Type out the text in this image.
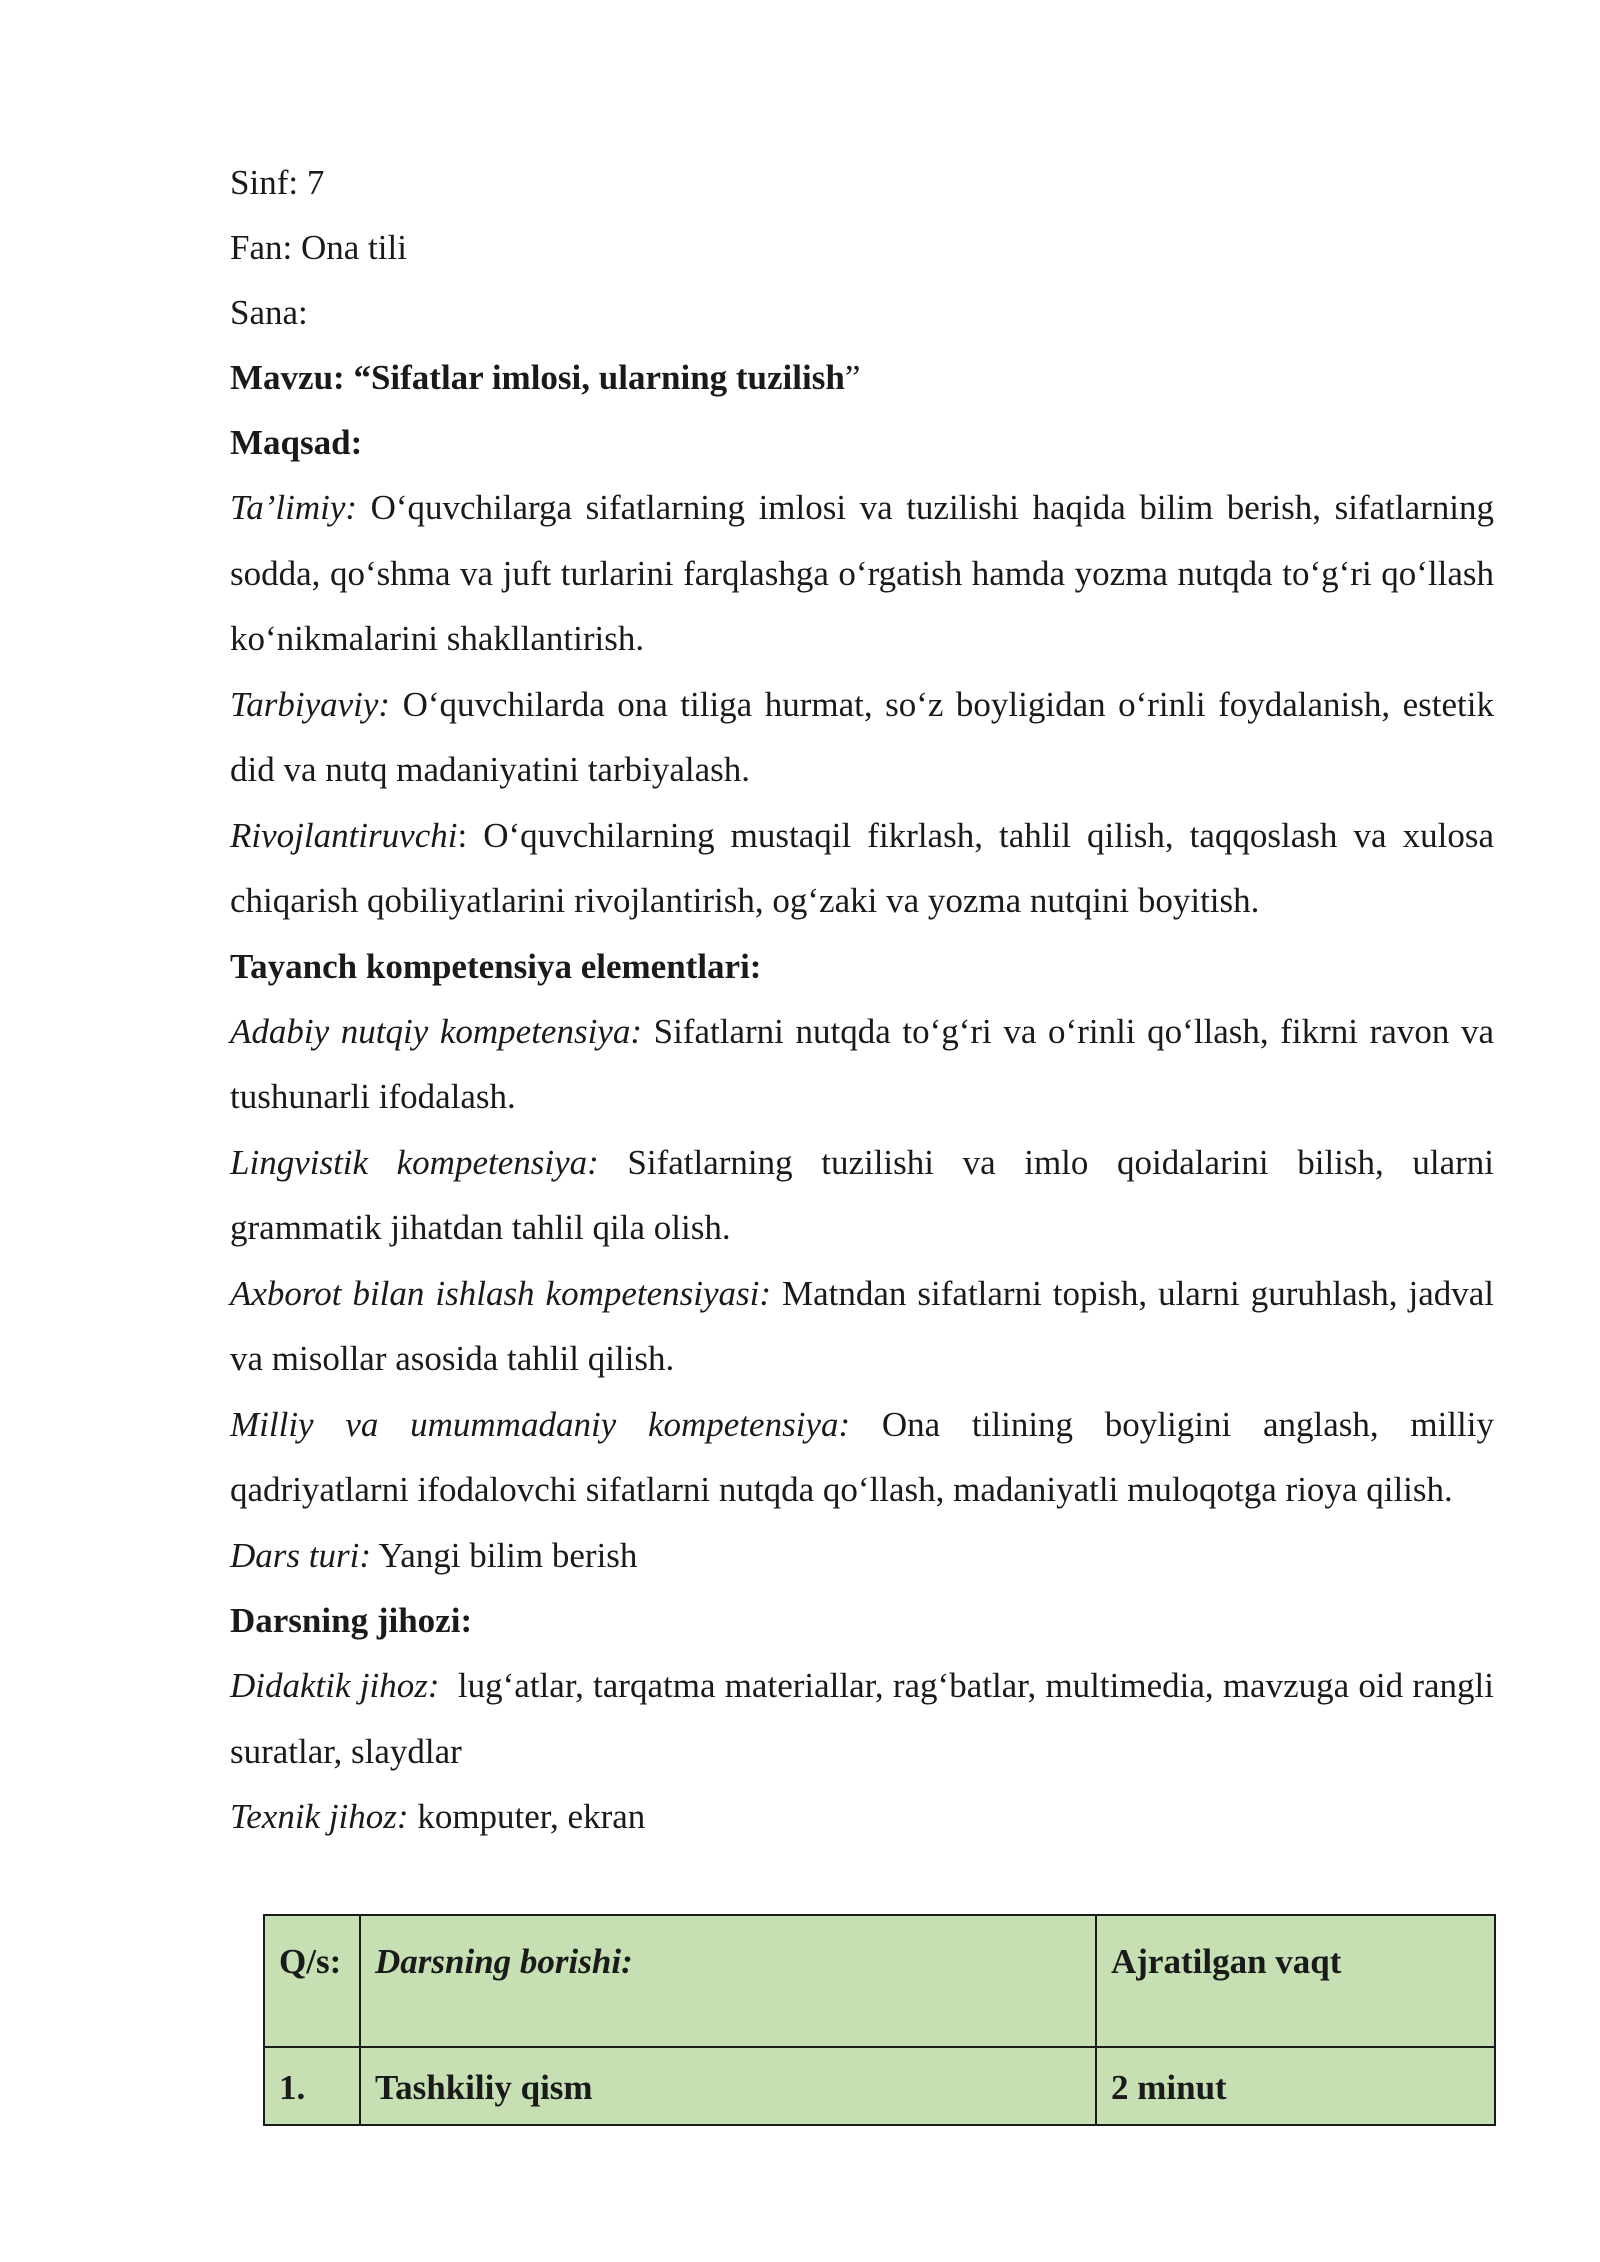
Sinf: 7

Fan: Ona tili

Sana:

Mavzu: “Sifatlar imlosi, ularning tuzilish”

Maqsad:

Ta’limiy: O‘quvchilarga sifatlarning imlosi va tuzilishi haqida bilim berish, sifatlarning sodda, qo‘shma va juft turlarini farqlashga o‘rgatish hamda yozma nutqda to‘g‘ri qo‘llash ko‘nikmalarini shakllantirish.

Tarbiyaviy: O‘quvchilarda ona tiliga hurmat, so‘z boyligidan o‘rinli foydalanish, estetik did va nutq madaniyatini tarbiyalash.

Rivojlantiruvchi: O‘quvchilarning mustaqil fikrlash, tahlil qilish, taqqoslash va xulosa chiqarish qobiliyatlarini rivojlantirish, og‘zaki va yozma nutqini boyitish.

Tayanch kompetensiya elementlari:

Adabiy nutqiy kompetensiya: Sifatlarni nutqda to‘g‘ri va o‘rinli qo‘llash, fikrni ravon va tushunarli ifodalash.

Lingvistik kompetensiya: Sifatlarning tuzilishi va imlo qoidalarini bilish, ularni grammatik jihatdan tahlil qila olish.

Axborot bilan ishlash kompetensiyasi: Matndan sifatlarni topish, ularni guruhlash, jadval va misollar asosida tahlil qilish.

Milliy va umummadaniy kompetensiya: Ona tilining boyligini anglash, milliy qadriyatlarni ifodalovchi sifatlarni nutqda qo‘llash, madaniyatli muloqotga rioya qilish.

Dars turi: Yangi bilim berish

Darsning jihozi:

Didaktik jihoz:  lug‘atlar, tarqatma materiallar, rag‘batlar, multimedia, mavzuga oid rangli suratlar, slaydlar

Texnik jihoz: komputer, ekran

Q/s:	Darsning borishi:	Ajratilgan vaqt
1.	Tashkiliy qism	2 minut
